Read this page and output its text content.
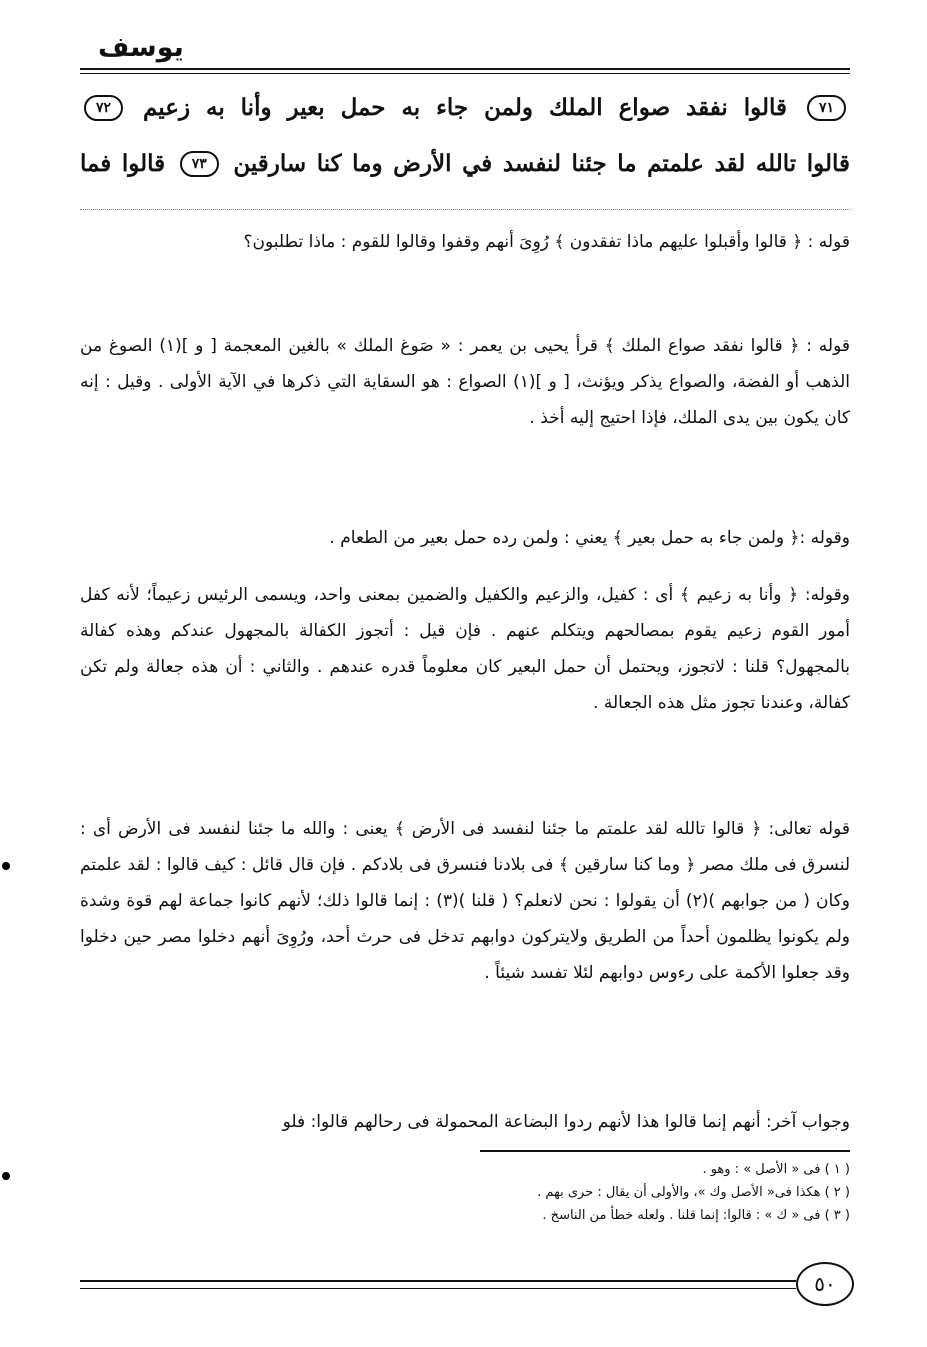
يوسف
٧١ قالوا نفقد صواع الملك ولمن جاء به حمل بعير وأنا به زعيم ٧٢
قالوا تالله لقد علمتم ما جئنا لنفسد في الأرض وما كنا سارقين ٧٣ قالوا فما

قوله : ﴿ قالوا وأقبلوا عليهم ماذا تفقدون ﴾ رُوِىَ أنهم وقفوا وقالوا للقوم : ماذا تطلبون؟

قوله : ﴿ قالوا نفقد صواع الملك ﴾ قرأ يحيى بن يعمر : « صَوغ الملك » بالغين المعجمة [ و ](١) الصوغ من الذهب أو الفضة، والصواع يذكر ويؤنث، [ و ](١) الصواع : هو السقاية التي ذكرها في الآية الأولى . وقيل : إنه كان يكون بين يدى الملك، فإذا احتيج إليه أخذ .

وقوله :﴿ ولمن جاء به حمل بعير ﴾ يعني : ولمن رده حمل بعير من الطعام .

وقوله: ﴿ وأنا به زعيم ﴾ أى : كفيل، والزعيم والكفيل والضمين بمعنى واحد، ويسمى الرئيس زعيماً؛ لأنه كفل أمور القوم زعيم يقوم بمصالحهم ويتكلم عنهم . فإن قيل : أتجوز الكفالة بالمجهول عندكم وهذه كفالة بالمجهول؟ قلنا : لاتجوز، ويحتمل أن حمل البعير كان معلوماً قدره عندهم . والثاني : أن هذه جعالة ولم تكن كفالة، وعندنا تجوز مثل هذه الجعالة .

قوله تعالى: ﴿ قالوا تالله لقد علمتم ما جئنا لنفسد فى الأرض ﴾ يعنى : والله ما جئنا لنفسد فى الأرض أى : لنسرق فى ملك مصر ﴿ وما كنا سارقين ﴾ فى بلادنا فنسرق فى بلادكم . فإن قال قائل : كيف قالوا : لقد علمتم وكان ( من جوابهم )(٢) أن يقولوا : نحن لانعلم؟ ( قلنا )(٣) : إنما قالوا ذلك؛ لأنهم كانوا جماعة لهم قوة وشدة ولم يكونوا يظلمون أحداً من الطريق ولايتركون دوابهم تدخل فى حرث أحد، ورُوِىَ أنهم دخلوا مصر حين دخلوا وقد جعلوا الأكمة على رءوس دوابهم لئلا تفسد شيئاً .

وجواب آخر: أنهم إنما قالوا هذا لأنهم ردوا البضاعة المحمولة فى رحالهم قالوا: فلو

( ١ ) فى « الأصل » : وهو .
( ٢ ) هكذا فى« الأصل وك »، والأولى أن يقال : حرى بهم .
( ٣ ) فى « ك » : قالوا: إنما قلنا . ولعله خطأ من الناسخ .
٥٠
